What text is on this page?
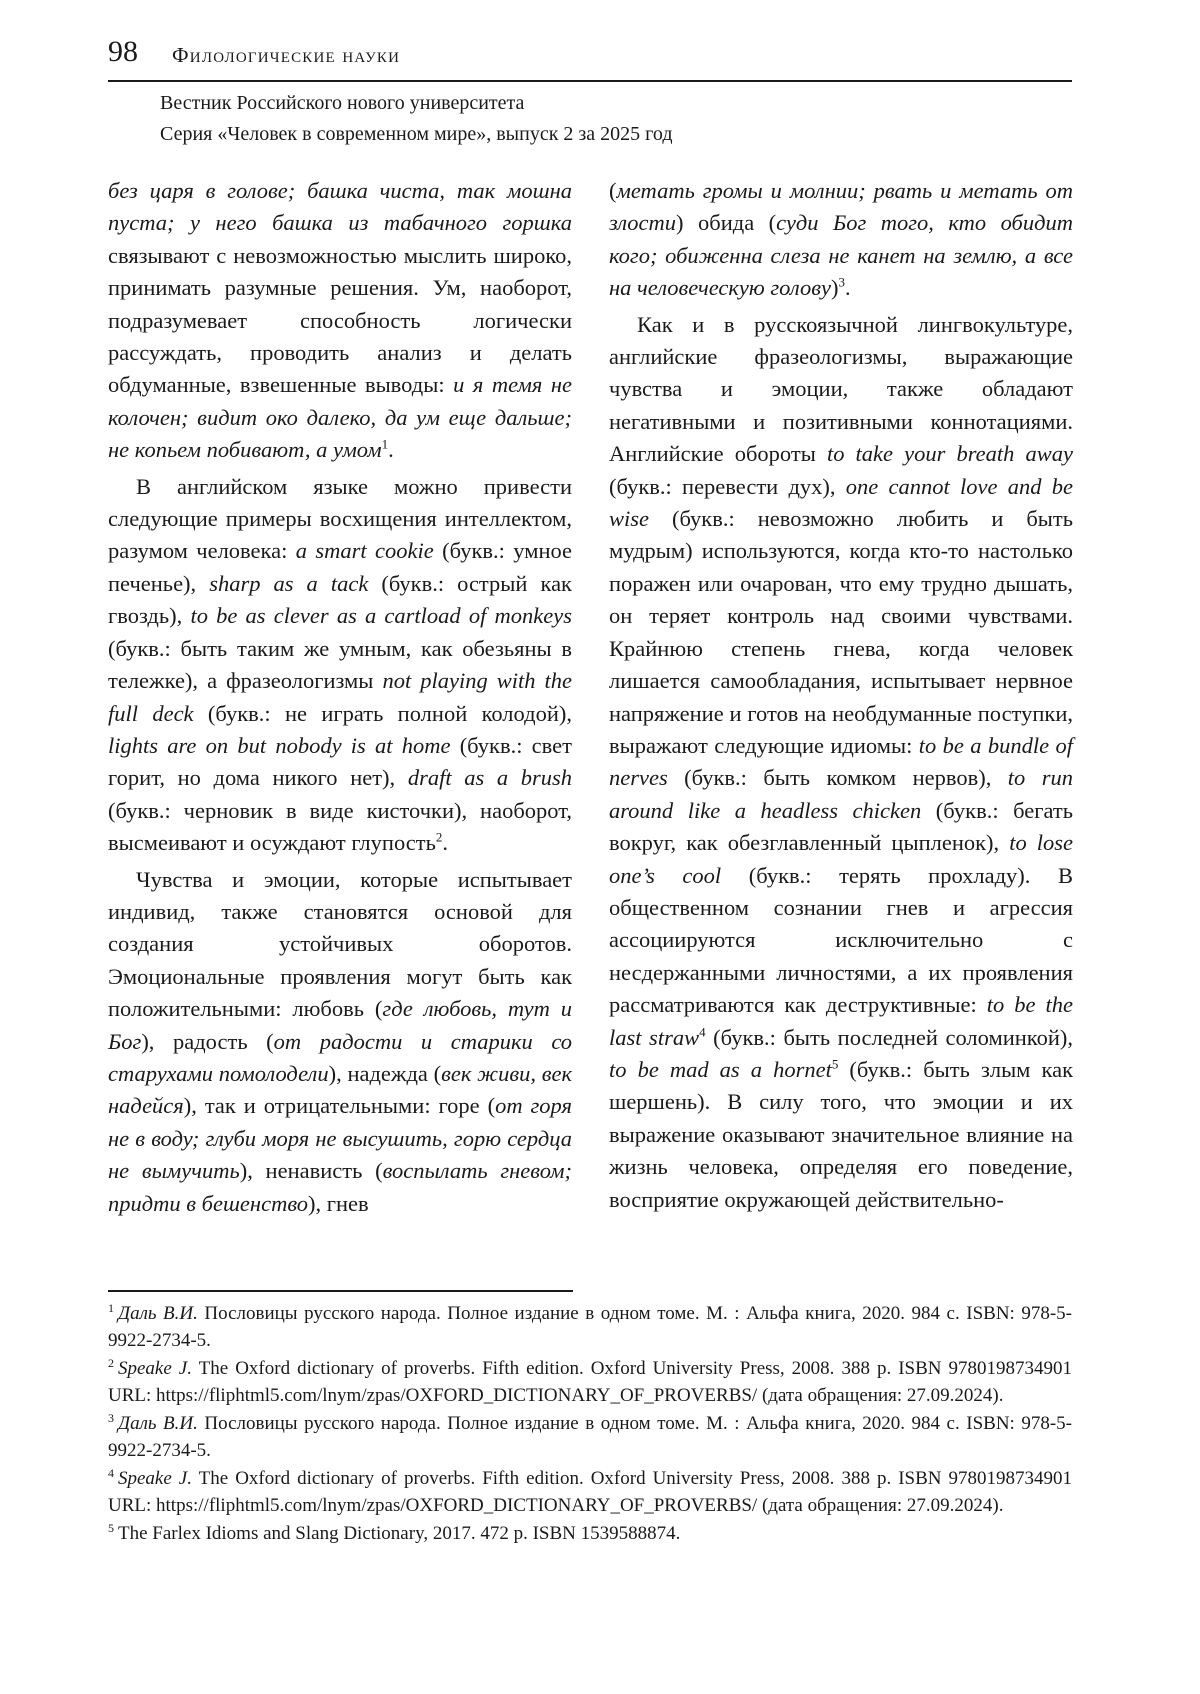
98 Филологические науки
Вестник Российского нового университета
Серия «Человек в современном мире», выпуск 2 за 2025 год

без царя в голове; башка чиста, так мошна пуста; у него башка из табачного горшка связывают с невозможностью мыслить широко, принимать разумные решения. Ум, наоборот, подразумевает способность логически рассуждать, проводить анализ и делать обдуманные, взвешенные выводы: и я темя не колочен; видит око далеко, да ум еще дальше; не копьем побивают, а умом$^1$.

В английском языке можно привести следующие примеры восхищения интеллектом, разумом человека: a smart cookie (букв.: умное печенье), sharp as a tack (букв.: острый как гвоздь), to be as clever as a cartload of monkeys (букв.: быть таким же умным, как обезьяны в тележке), а фразеологизмы not playing with the full deck (букв.: не играть полной колодой), lights are on but nobody is at home (букв.: свет горит, но дома никого нет), draft as a brush (букв.: черновик в виде кисточки), наоборот, высмеивают и осуждают глупость$^2$.

Чувства и эмоции, которые испытывает индивид, также становятся основой для создания устойчивых оборотов. Эмоциональные проявления могут быть как положительными: любовь (где любовь, тут и Бог), радость (от радости и старики со старухами помолодели), надежда (век живи, век надейся), так и отрицательными: горе (от горя не в воду; глуби моря не высушить, горю сердца не вымучить), ненависть (воспылать гневом; придти в бешенство), гнев

(метать громы и молнии; рвать и метать от злости) обида (суди Бог того, кто обидит кого; обиженна слеза не канет на землю, а все на человеческую голову)$^3$.

Как и в русскоязычной лингвокультуре, английские фразеологизмы, выражающие чувства и эмоции, также обладают негативными и позитивными коннотациями. Английские обороты to take your breath away (букв.: перевести дух), one cannot love and be wise (букв.: невозможно любить и быть мудрым) используются, когда кто-то настолько поражен или очарован, что ему трудно дышать, он теряет контроль над своими чувствами. Крайнюю степень гнева, когда человек лишается самообладания, испытывает нервное напряжение и готов на необдуманные поступки, выражают следующие идиомы: to be a bundle of nerves (букв.: быть комком нервов), to run around like a headless chicken (букв.: бегать вокруг, как обезглавленный цыпленок), to lose one’s cool (букв.: терять прохладу). В общественном сознании гнев и агрессия ассоциируются исключительно с несдержанными личностями, а их проявления рассматриваются как деструктивные: to be the last straw$^4$ (букв.: быть последней соломинкой), to be mad as a hornet$^5$ (букв.: быть злым как шершень). В силу того, что эмоции и их выражение оказывают значительное влияние на жизнь человека, определяя его поведение, восприятие окружающей действительно-

$^1$ Даль В.И. Пословицы русского народа. Полное издание в одном томе. М. : Альфа книга, 2020. 984 с. ISBN: 978-5-9922-2734-5.
$^2$ Speake J. The Oxford dictionary of proverbs. Fifth edition. Oxford University Press, 2008. 388 p. ISBN 9780198734901 URL: https://fliphtml5.com/lnym/zpas/OXFORD_DICTIONARY_OF_PROVERBS/ (дата обращения: 27.09.2024).
$^3$ Даль В.И. Пословицы русского народа. Полное издание в одном томе. М. : Альфа книга, 2020. 984 с. ISBN: 978-5-9922-2734-5.
$^4$ Speake J. The Oxford dictionary of proverbs. Fifth edition. Oxford University Press, 2008. 388 p. ISBN 9780198734901 URL: https://fliphtml5.com/lnym/zpas/OXFORD_DICTIONARY_OF_PROVERBS/ (дата обращения: 27.09.2024).
$^5$ The Farlex Idioms and Slang Dictionary, 2017. 472 p. ISBN 1539588874.
